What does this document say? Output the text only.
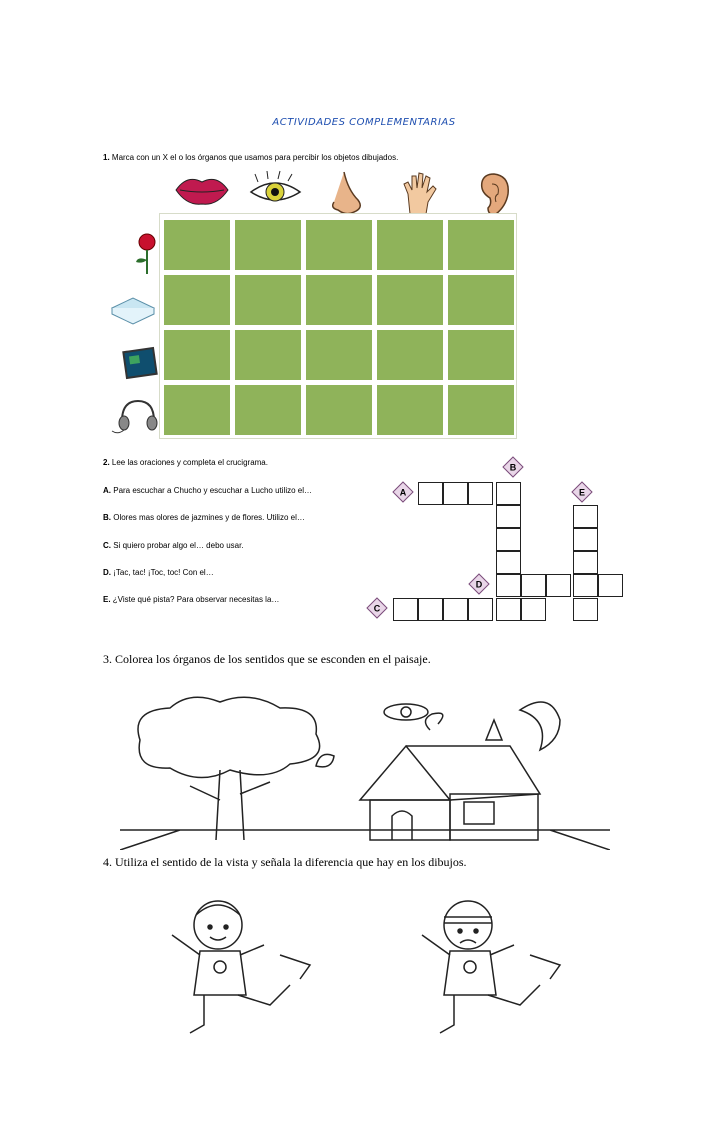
ACTIVIDADES COMPLEMENTARIAS
1. Marca con un X el o los órganos que usamos para percibir los objetos dibujados.
2. Lee las oraciones y completa el crucigrama.
A. Para escuchar a Chucho y escuchar a Lucho utilizo el…
B. Olores mas olores de jazmines y de flores. Utilizo el…
C. Si quiero probar algo el… debo usar.
D. ¡Tac, tac! ¡Toc, toc! Con el…
E. ¿Viste qué pista? Para observar necesitas la…
A
B
C
D
E
3. Colorea los órganos de los sentidos que se esconden en el paisaje.
4. Utiliza el sentido de la vista y señala la diferencia que hay en los dibujos.
